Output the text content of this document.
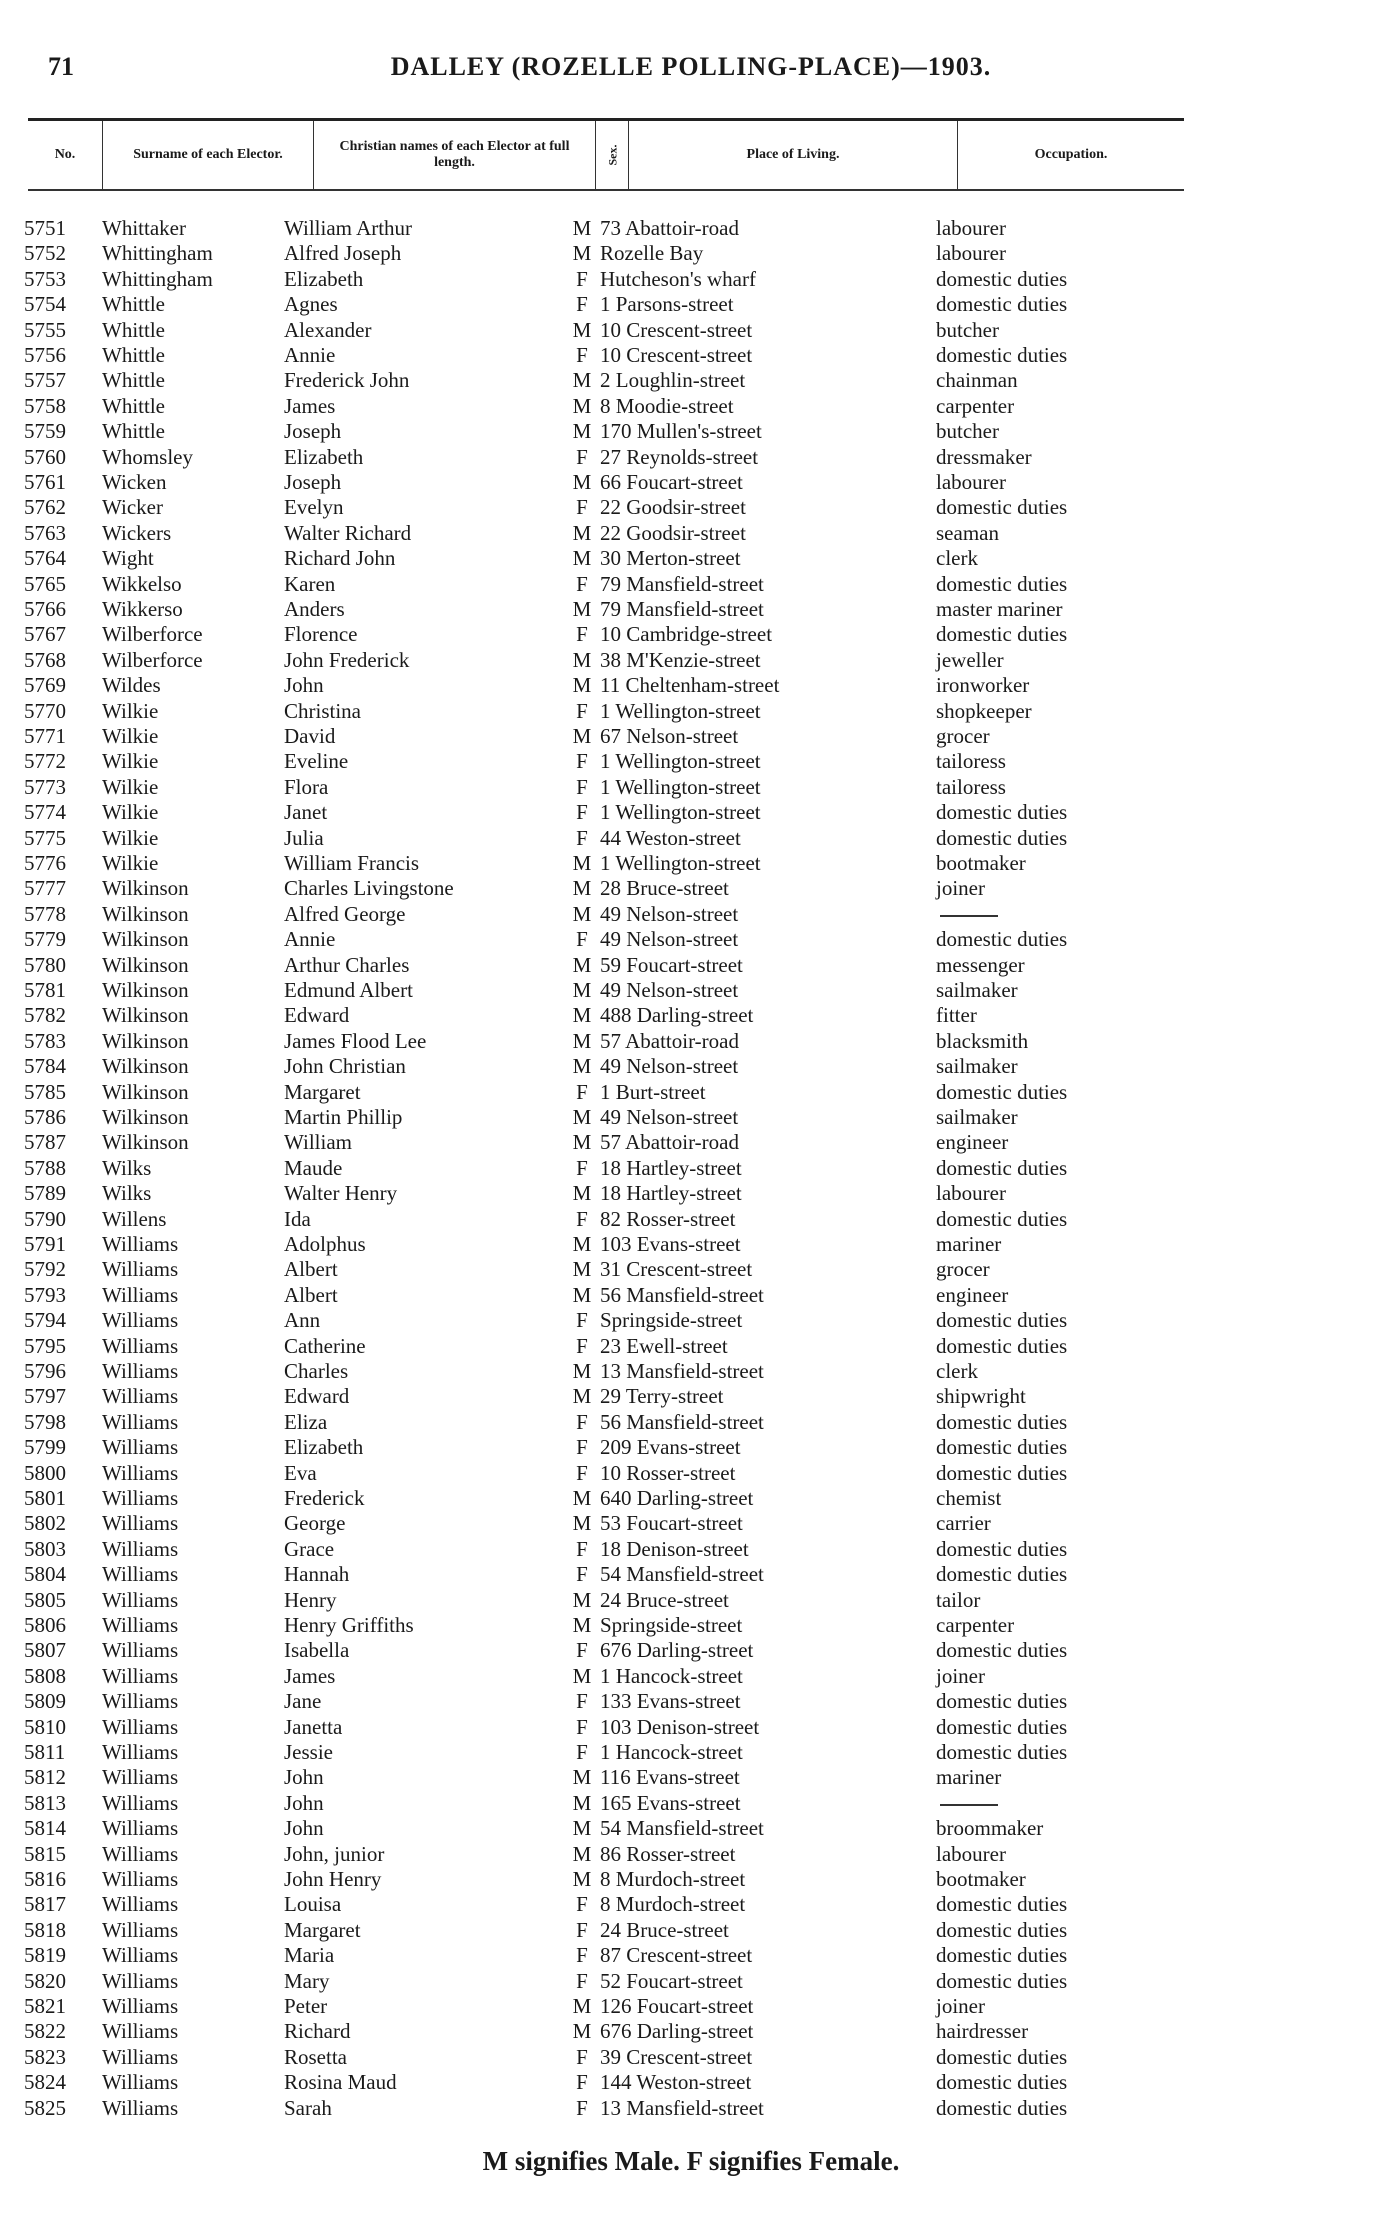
71	DALLEY (ROZELLE POLLING-PLACE)—1903.
No.	Surname of each Elector.
Christian names of each Elector at full length.	Sex.	Place of Living.	Occupation.
5751 Whittaker	William Arthur	M 73 Abattoir-road	labourer
5752 Whittingham	Alfred Joseph	M Rozelle Bay	labourer
5753 Whittingham	Elizabeth	F Hutcheson's wharf	domestic duties
5754 Whittle	Agnes	F 1 Parsons-street	domestic duties
5755 Whittle	Alexander	M 10 Crescent-street	butcher
5756 Whittle	Annie	F 10 Crescent-street	domestic duties
5757 Whittle	Frederick John	M 2 Loughlin-street	chainman
5758 Whittle	James	M 8 Moodie-street	carpenter
5759 Whittle	Joseph	M 170 Mullen's-street	butcher
5760 Whomsley	Elizabeth	F 27 Reynolds-street	dressmaker
5761 Wicken	Joseph	M 66 Foucart-street	labourer
5762 Wicker	Evelyn	F 22 Goodsir-street	domestic duties
5763 Wickers	Walter Richard	M 22 Goodsir-street	seaman
5764 Wight	Richard John	M 30 Merton-street	clerk
5765 Wikkelso	Karen	F 79 Mansfield-street	domestic duties
5766 Wikkerso	Anders	M 79 Mansfield-street	master mariner
5767 Wilberforce	Florence	F 10 Cambridge-street	domestic duties
5768 Wilberforce	John Frederick	M 38 M'Kenzie-street	jeweller
5769 Wildes	John	M 11 Cheltenham-street	ironworker
5770 Wilkie	Christina	F 1 Wellington-street	shopkeeper
5771 Wilkie	David	M 67 Nelson-street	grocer
5772 Wilkie	Eveline	F 1 Wellington-street	tailoress
5773 Wilkie	Flora	F 1 Wellington-street	tailoress
5774 Wilkie	Janet	F 1 Wellington-street	domestic duties
5775 Wilkie	Julia	F 44 Weston-street	domestic duties
5776 Wilkie	William Francis	M 1 Wellington-street	bootmaker
5777 Wilkinson	Charles Livingstone	M 28 Bruce-street	joiner
5778 Wilkinson	Alfred George	M 49 Nelson-street
5779 Wilkinson	Annie	F 49 Nelson-street	domestic duties
5780 Wilkinson	Arthur Charles	M 59 Foucart-street	messenger
5781 Wilkinson	Edmund Albert	M 49 Nelson-street	sailmaker
5782 Wilkinson	Edward	M 488 Darling-street	fitter
5783 Wilkinson	James Flood Lee	M 57 Abattoir-road	blacksmith
5784 Wilkinson	John Christian	M 49 Nelson-street	sailmaker
5785 Wilkinson	Margaret	F 1 Burt-street	domestic duties
5786 Wilkinson	Martin Phillip	M 49 Nelson-street	sailmaker
5787 Wilkinson	William	M 57 Abattoir-road	engineer
5788 Wilks	Maude	F 18 Hartley-street	domestic duties
5789 Wilks	Walter Henry	M 18 Hartley-street	labourer
5790 Willens	Ida	F 82 Rosser-street	domestic duties
5791 Williams	Adolphus	M 103 Evans-street	mariner
5792 Williams	Albert	M 31 Crescent-street	grocer
5793 Williams	Albert	M 56 Mansfield-street	engineer
5794 Williams	Ann	F Springside-street	domestic duties
5795 Williams	Catherine	F 23 Ewell-street	domestic duties
5796 Williams	Charles	M 13 Mansfield-street	clerk
5797 Williams	Edward	M 29 Terry-street	shipwright
5798 Williams	Eliza	F 56 Mansfield-street	domestic duties
5799 Williams	Elizabeth	F 209 Evans-street	domestic duties
5800 Williams	Eva	F 10 Rosser-street	domestic duties
5801 Williams	Frederick	M 640 Darling-street	chemist
5802 Williams	George	M 53 Foucart-street	carrier
5803 Williams	Grace	F 18 Denison-street	domestic duties
5804 Williams	Hannah	F 54 Mansfield-street	domestic duties
5805 Williams	Henry	M 24 Bruce-street	tailor
5806 Williams	Henry Griffiths	M Springside-street	carpenter
5807 Williams	Isabella	F 676 Darling-street	domestic duties
5808 Williams	James	M 1 Hancock-street	joiner
5809 Williams	Jane	F 133 Evans-street	domestic duties
5810 Williams	Janetta	F 103 Denison-street	domestic duties
5811 Williams	Jessie	F 1 Hancock-street	domestic duties
5812 Williams	John	M 116 Evans-street	mariner
5813 Williams	John	M 165 Evans-street
5814 Williams	John	M 54 Mansfield-street	broommaker
5815 Williams	John, junior	M 86 Rosser-street	labourer
5816 Williams	John Henry	M 8 Murdoch-street	bootmaker
5817 Williams	Louisa	F 8 Murdoch-street	domestic duties
5818 Williams	Margaret	F 24 Bruce-street	domestic duties
5819 Williams	Maria	F 87 Crescent-street	domestic duties
5820 Williams	Mary	F 52 Foucart-street	domestic duties
5821 Williams	Peter	M 126 Foucart-street	joiner
5822 Williams	Richard	M 676 Darling-street	hairdresser
5823 Williams	Rosetta	F 39 Crescent-street	domestic duties
5824 Williams	Rosina Maud	F 144 Weston-street	domestic duties
5825 Williams	Sarah	F 13 Mansfield-street	domestic duties
M signifies Male. F signifies Female.
